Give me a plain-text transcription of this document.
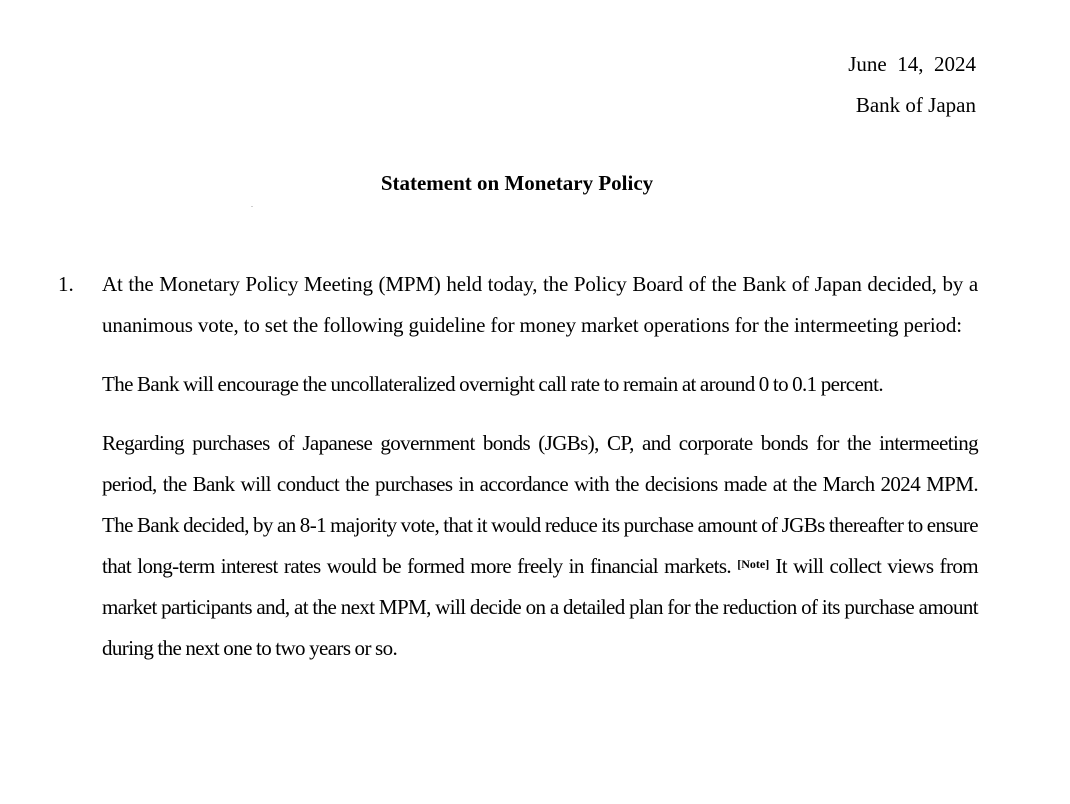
June  14,  2024
Bank of Japan
Statement on Monetary Policy
1. At the Monetary Policy Meeting (MPM) held today, the Policy Board of the Bank of Japan decided, by a unanimous vote, to set the following guideline for money market operations for the intermeeting period:

The Bank will encourage the uncollateralized overnight call rate to remain at around 0 to 0.1 percent.

Regarding purchases of Japanese government bonds (JGBs), CP, and corporate bonds for the intermeeting period, the Bank will conduct the purchases in accordance with the decisions made at the March 2024 MPM. The Bank decided, by an 8-1 majority vote, that it would reduce its purchase amount of JGBs thereafter to ensure that long-term interest rates would be formed more freely in financial markets. [Note] It will collect views from market participants and, at the next MPM, will decide on a detailed plan for the reduction of its purchase amount during the next one to two years or so.
